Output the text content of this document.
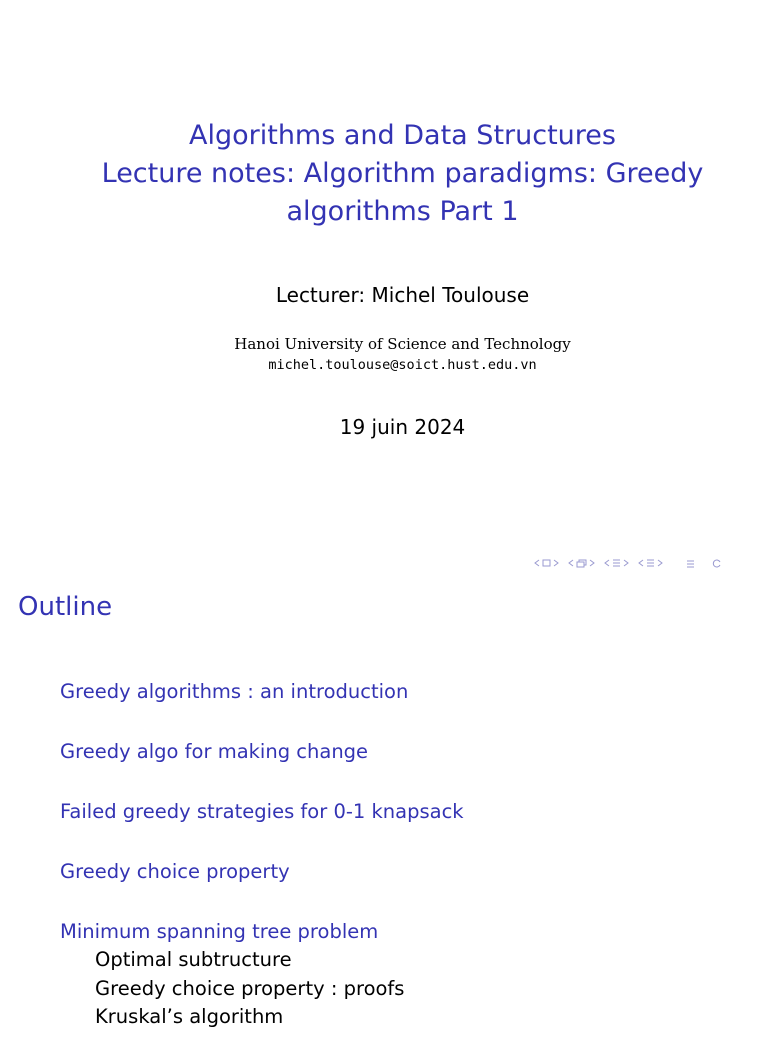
Algorithms and Data Structures
Lecture notes: Algorithm paradigms: Greedy
algorithms Part 1
Lecturer: Michel Toulouse
Hanoi University of Science and Technology
michel.toulouse@soict.hust.edu.vn
19 juin 2024
Outline
Greedy algorithms : an introduction
Greedy algo for making change
Failed greedy strategies for 0-1 knapsack
Greedy choice property
Minimum spanning tree problem
Optimal subtructure
Greedy choice property : proofs
Kruskal’s algorithm
